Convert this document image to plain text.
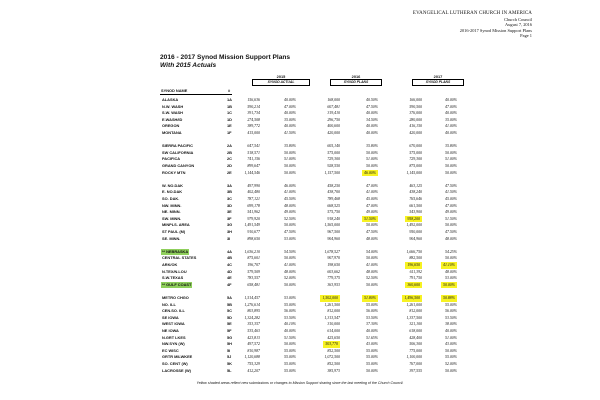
EVANGELICAL LUTHERAN CHURCH IN AMERICA
Church Council
August 7, 2016
2016-2017 Synod Mission Support Plans
Page 1
2016 - 2017 Synod Mission Support Plans
With 2015 Actuals
2015
SYNOD ACTUAL
2016
SYNOD PLANS
2017
SYNOD PLANS
SYNOD NAME	#
ALASKA	1A	156,636	40.00%	168,000	40.50%	166,000	40.00%
N.W. WASH	1B	590,214	47.00%	607,481	47.50%	590,500	47.00%
S.W. WASH	1C	391,734	40.00%	319,410	40.00%	376,000	40.00%
E.WASH/ID	1D	274,508	35.00%	296,750	34.50%	280,000	35.00%
OREGON	1E	389,772	40.00%	400,600	40.00%	416,150	41.00%
MONTANA	1F	415,000	41.50%	420,000	40.00%	420,000	40.00%
SIERRA PACIFIC	2A	647,541	35.80%	605,140	35.80%	670,000	35.80%
SW CALIFORNIA	2B	518,571	50.00%	575,000	50.00%	575,000	50.00%
PACIFICA	2C	741,156	51.00%	729,300	51.00%	729,300	51.00%
GRAND CANYON	2D	899,647	50.00%	928,550	50.00%	875,000	50.00%
ROCKY MTN	2E	1,144,546	50.00%	1,157,500	46.00%	1,145,000	50.00%
W. NO.DAK	3A	497,990	46.00%	458,250	47.00%	463,125	47.50%
E. NO.DAK	3B	402,480	41.00%	438,700	41.00%	438,240	41.50%
SO. DAK.	3C	787,121	45.50%	789,468	45.00%	765,646	45.00%
NW. MINN.	3D	699,178	48.00%	668,525	47.00%	661,500	47.00%
NE. MINN.	3E	541,962	49.00%	575,750	49.00%	543,900	49.00%
SW. MINN.	3F	979,920	52.50%	918,240	51.50%	958,200	51.50%
MINPLS. AREA	3G	1,491,549	50.00%	1,565,000	50.00%	1,492,000	50.00%
ST PAUL (M)	3H	910,677	47.50%	967,500	47.50%	950,000	47.50%
SE. MINN.	3I	898,650	53.00%	904,960	48.00%	904,960	48.00%
** NEBRASKA	4A	1,636,210	54.50%	1,678,527	54.00%	1,666,750	54.25%
CENTRAL STATES	4B	875,601	50.00%	907,970	50.00%	882,500	50.00%
ARK/OK	4C	196,707	41.00%	198,650	41.00%	196,650	41.10%
N.TEX/N.LOU	4D	579,509	48.00%	603,662	48.00%	611,392	48.00%
S.W.TEXAS	4E	783,557	52.00%	779,375	52.50%	791,750	53.00%
** GULF COAST	4F	658,481	50.00%	363,953	50.00%	360,600	50.00%
METRO CHGO	5A	1,514,457	53.00%	1,502,000	51.80%	1,496,500	50.88%
NO. ILL	5B	1,276,614	55.00%	1,261,500	55.00%	1,261,000	55.00%
CEN.SO. ILL	5C	803,895	56.00%	812,000	56.00%	812,000	56.00%
SE IOWA	5D	1,324,282	53.50%	1,313,547	53.50%	1,337,500	53.50%
WEST IOWA	5E	353,357	40.10%	310,000	37.30%	321,100	38.00%
NE IOWA	5F	535,463	40.00%	614,000	40.00%	618,000	40.00%
N.GRT LKES	5G	423,813	51.50%	425,650	51.65%	428,400	51.00%
NW.SYN (W)	5H	497,572	50.00%	503,770	43.00%	506,300	43.00%
EC WISC	5I	810,987	55.00%	852,500	55.00%	775,000	50.00%
GRTR MILWKEE	5J	1,120,688	55.00%	1,072,500	55.00%	1,100,000	55.00%
SO. CENT (W)	5K	755,329	55.00%	852,500	55.00%	767,000	52.00%
LACROSSE (W)	5L	412,207	55.00%	385,973	50.00%	397,555	50.00%
Yellow shaded areas reflect new submissions or changes to Mission Support sharing since the last meeting of the Church Council.
